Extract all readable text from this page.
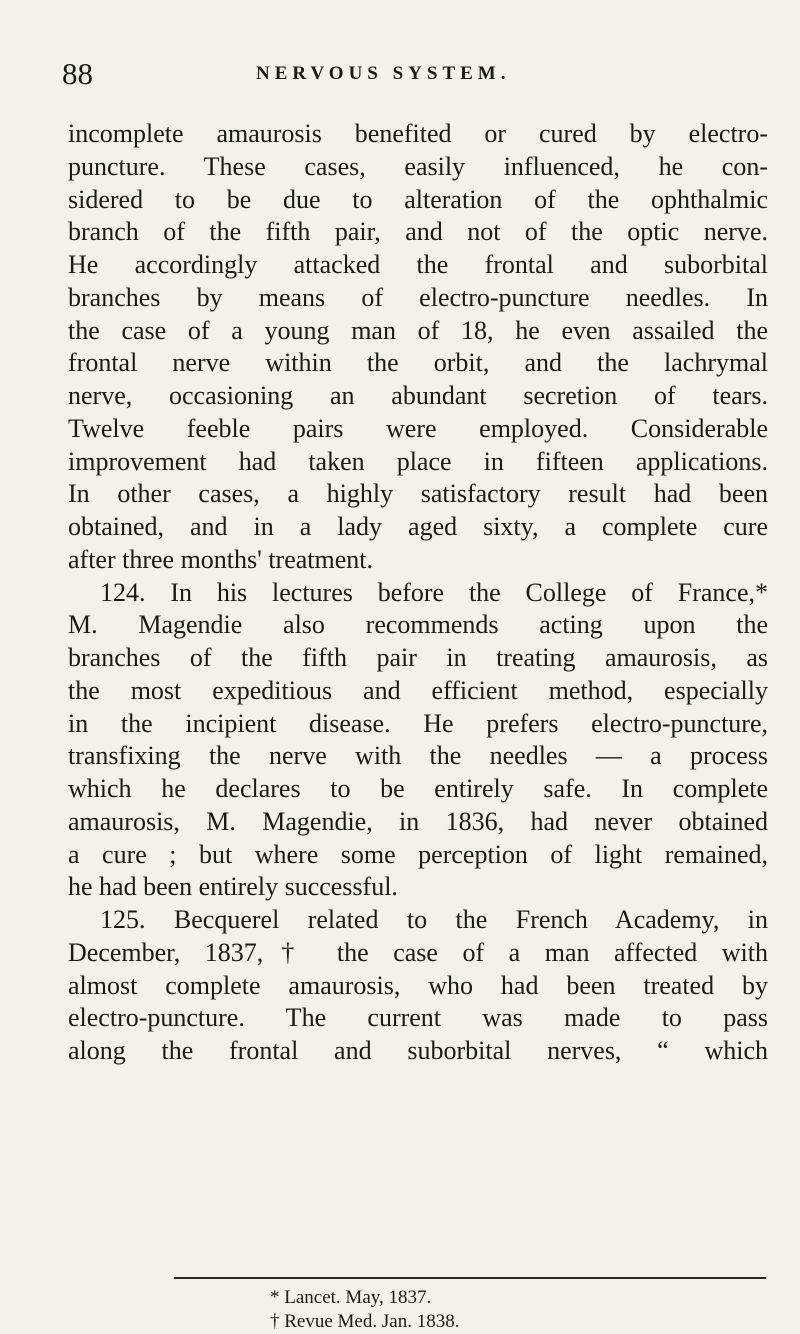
88	NERVOUS SYSTEM.
incomplete amaurosis benefited or cured by electro-
puncture. These cases, easily influenced, he con-
sidered to be due to alteration of the ophthalmic
branch of the fifth pair, and not of the optic nerve.
He accordingly attacked the frontal and suborbital
branches by means of electro-puncture needles. In
the case of a young man of 18, he even assailed the
frontal nerve within the orbit, and the lachrymal
nerve, occasioning an abundant secretion of tears.
Twelve feeble pairs were employed. Considerable
improvement had taken place in fifteen applications.
In other cases, a highly satisfactory result had been
obtained, and in a lady aged sixty, a complete cure
after three months' treatment.
124. In his lectures before the College of France,*
M. Magendie also recommends acting upon the
branches of the fifth pair in treating amaurosis, as
the most expeditious and efficient method, especially
in the incipient disease. He prefers electro-puncture,
transfixing the nerve with the needles — a process
which he declares to be entirely safe. In complete
amaurosis, M. Magendie, in 1836, had never obtained
a cure ; but where some perception of light remained,
he had been entirely successful.
125. Becquerel related to the French Academy, in
December, 1837,† the case of a man affected with
almost complete amaurosis, who had been treated by
electro-puncture. The current was made to pass
along the frontal and suborbital nerves, “ which
* Lancet. May, 1837.
† Revue Med. Jan. 1838.
